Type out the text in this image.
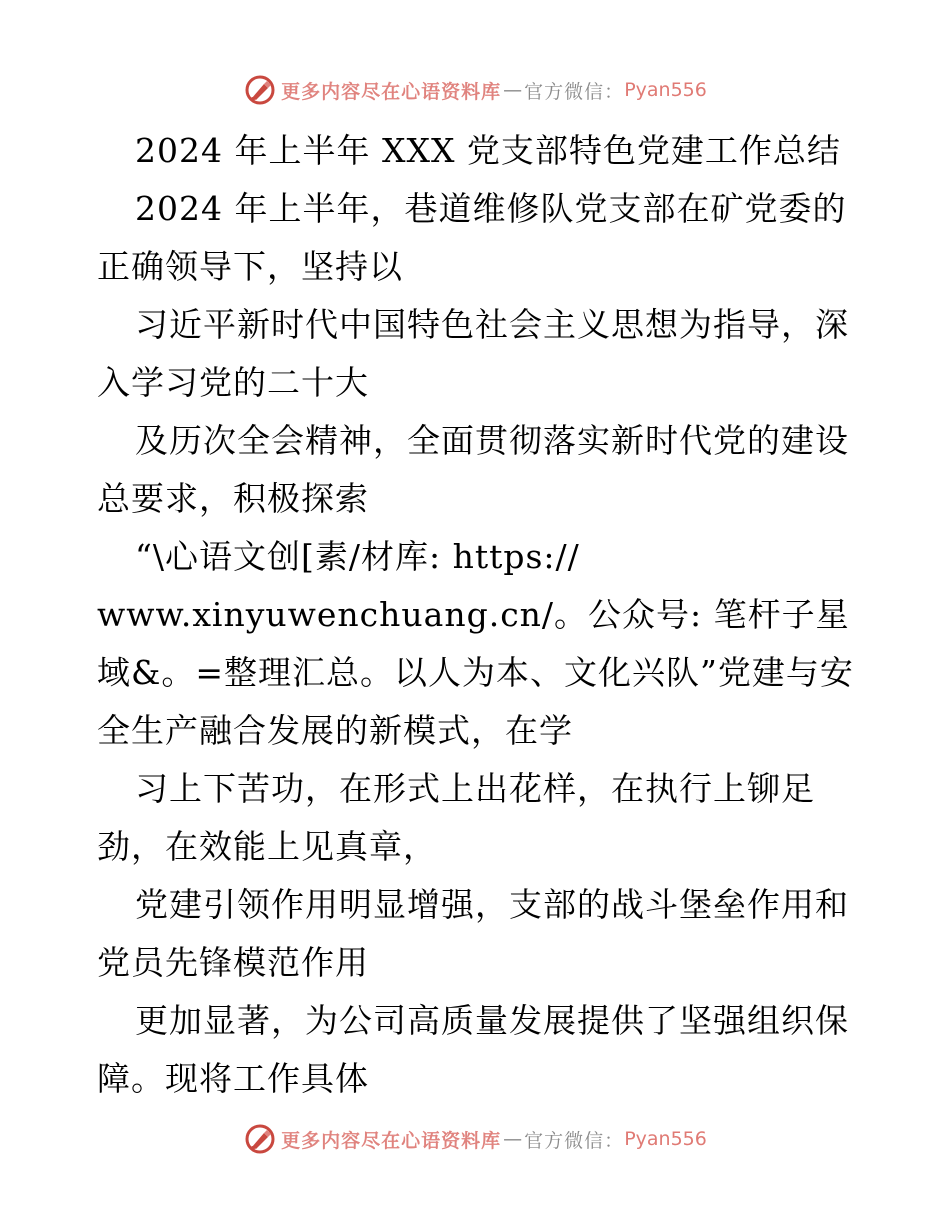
更多内容尽在心语资料库 — 官方微信： Pyan556

2024 年上半年 XXX 党支部特色党建工作总结

2024 年上半年，巷道维修队党支部在矿党委的正确领导下，坚持以

习近平新时代中国特色社会主义思想为指导，深入学习党的二十大

及历次全会精神，全面贯彻落实新时代党的建设总要求，积极探索

“\心语文创[素/材库: https://

www.xinyuwenchuang.cn/。公众号: 笔杆子星域&。=整理汇总。以人为本、文化兴队”党建与安全生产融合发展的新模式，在学

习上下苦功，在形式上出花样，在执行上铆足劲，在效能上见真章，

党建引领作用明显增强，支部的战斗堡垒作用和党员先锋模范作用

更加显著，为公司高质量发展提供了坚强组织保障。现将工作具体

更多内容尽在心语资料库 — 官方微信： Pyan556
